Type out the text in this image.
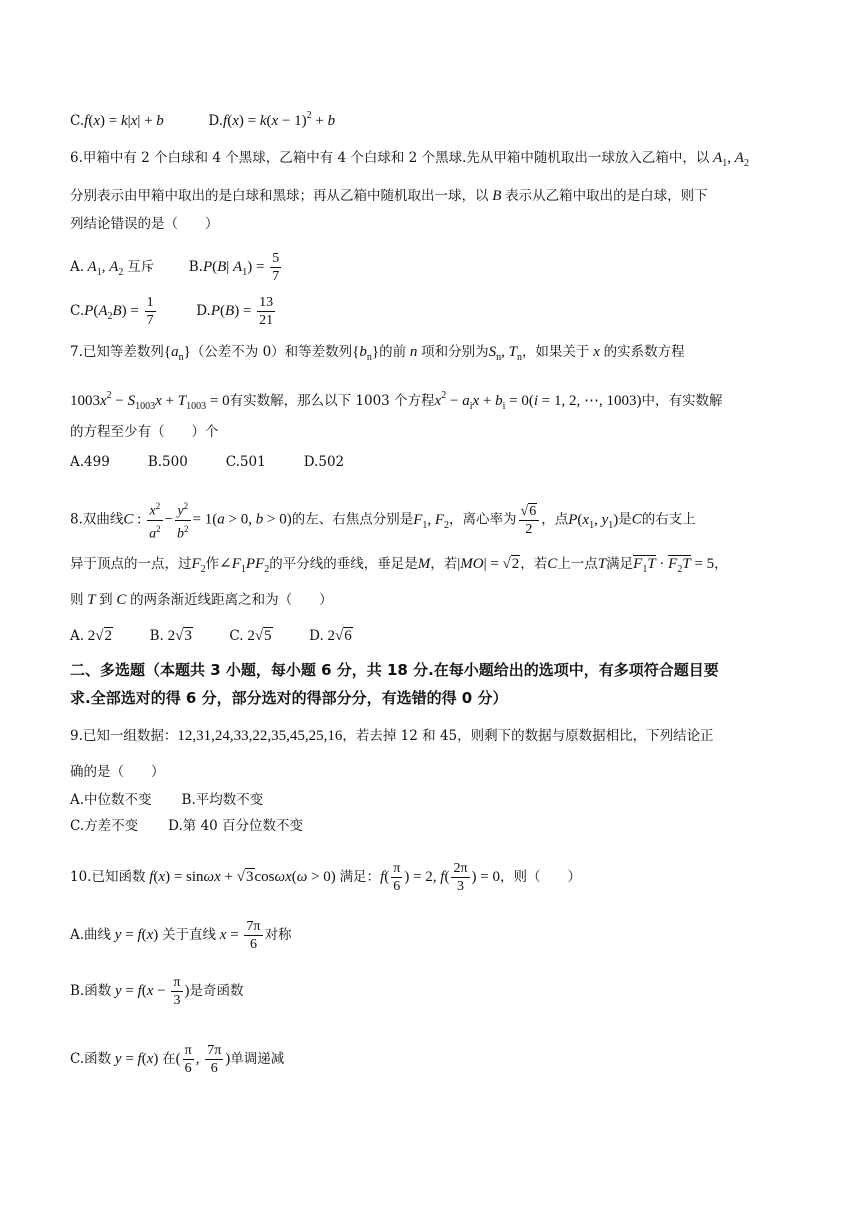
C.f(x) = k|x| + b	$D.f(x) = k(x - 1)^2 + b$
6.甲箱中有 2 个白球和 4 个黑球，乙箱中有 4 个白球和 2 个黑球.先从甲箱中随机取出一球放入乙箱中，以 $A_1$, $A_2$
分别表示由甲箱中取出的是白球和黑球；再从乙箱中随机取出一球，以 B 表示从乙箱中取出的是白球，则下
列结论错误的是（　　）
A. $A_1$, $A_2$ 互斥	B.P(B| $A_1) = \frac{5}{7}$
$C.P(A_2B) = \frac{1}{7}$	$D.P(B) = \frac{13}{21}$
7.已知等差数列$\{a_n\}$（公差不为 0）和等差数列$\{b_n\}$的前 n 项和分别为$S_n$, $T_n$，如果关于 x 的实系数方程
$1003x^2 - S_{1003}x + T_{1003} = 0$有实数解，那么以下 1003 个方程$x^2 - a_ix + b_i = 0(i = 1$, 2, ⋯, 1003)中，有实数解
的方程至少有（　　）个
A.499	B.500	C.501	D.502
8.双曲线C : $\frac{x^2}{a^2} - \frac{y^2}{b^2} = 1(a > 0$, b > 0)的左、右焦点分别是$F_1$, $F_2$，离心率为 $\frac{√6}{2}$ ，点$P(x_1$, $y_1$)是C的右支上
异于顶点的一点，过$F_2$作$\angle F_1PF_2$的平分线的垂线，垂足是M，若|MO| = √2，若C上一点T满足$F_1T \cdot F_2T = 5$，
则 T 到 C 的两条渐近线距离之和为（　　）
A. 2√2	B. 2√3	C. 2√5	D. 2√6
二、多选题（本题共 3 小题，每小题 6 分，共 18 分.在每小题给出的选项中，有多项符合题目要
求.全部选对的得 6 分，部分选对的得部分分，有选错的得 0 分）
9.已知一组数据：12,31,24,33,22,35,45,25,16，若去掉 12 和 45，则剩下的数据与原数据相比，下列结论正
确的是（　　）
A.中位数不变 B.平均数不变
C.方差不变 D.第 40 百分位数不变
10.已知函数 f(x) = sinωx + √3cosωx(ω > 0) 满足：$f( \frac{\pi}{6}$ ) = 2, $f( \frac{2\pi}{3}$ ) = 0，则（　　）
A.曲线 y = f(x) 关于直线 $x = \frac{7\pi}{6}$ 对称
B.函数 $y = f(x - \frac{\pi}{3}$ )是奇函数
C.函数 y = f(x) 在( $\frac{\pi}{6}$ , $\frac{7\pi}{6}$ )单调递减
